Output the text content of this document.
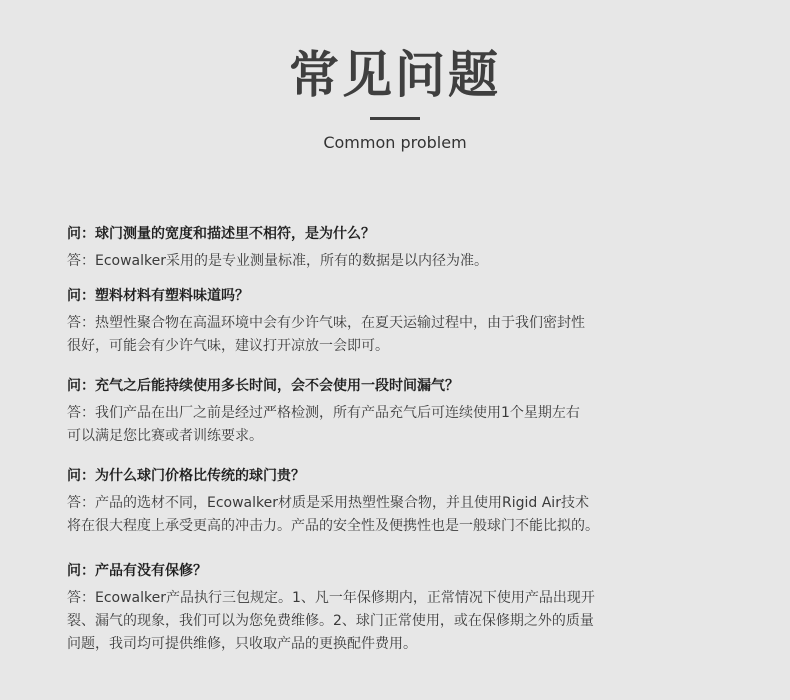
常见问题
Common problem
问：球门测量的宽度和描述里不相符，是为什么？
答：Ecowalker采用的是专业测量标准，所有的数据是以内径为准。
问：塑料材料有塑料味道吗？
答：热塑性聚合物在高温环境中会有少许气味，在夏天运输过程中，由于我们密封性
很好，可能会有少许气味，建议打开凉放一会即可。
问：充气之后能持续使用多长时间，会不会使用一段时间漏气？
答：我们产品在出厂之前是经过严格检测，所有产品充气后可连续使用1个星期左右
可以满足您比赛或者训练要求。
问：为什么球门价格比传统的球门贵？
答：产品的选材不同，Ecowalker材质是采用热塑性聚合物，并且使用Rigid Air技术
将在很大程度上承受更高的冲击力。产品的安全性及便携性也是一般球门不能比拟的。
问：产品有没有保修？
答：Ecowalker产品执行三包规定。1、凡一年保修期内，正常情况下使用产品出现开
裂、漏气的现象，我们可以为您免费维修。2、球门正常使用，或在保修期之外的质量
问题，我司均可提供维修，只收取产品的更换配件费用。
